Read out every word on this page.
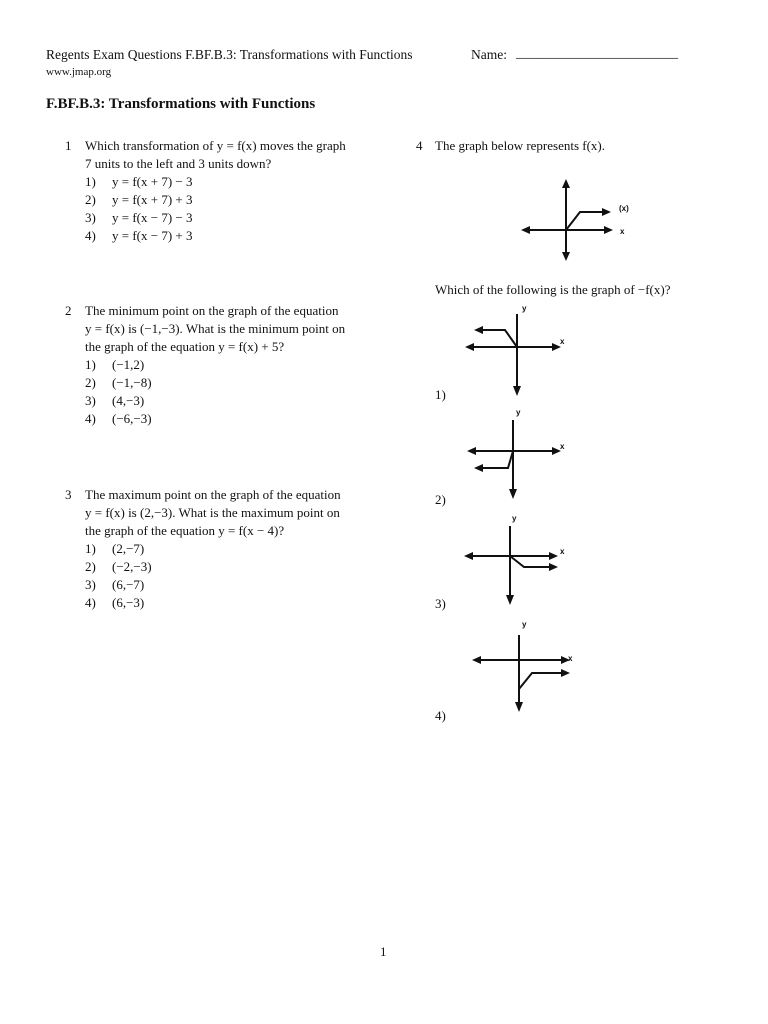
Regents Exam Questions F.BF.B.3: Transformations with Functions	Name: ________________________
www.jmap.org
F.BF.B.3: Transformations with Functions
1 Which transformation of y = f(x) moves the graph
7 units to the left and 3 units down?
1) y = f(x + 7) − 3
2) y = f(x + 7) + 3
3) y = f(x − 7) − 3
4) y = f(x − 7) + 3
2 The minimum point on the graph of the equation
y = f(x) is (−1,−3). What is the minimum point on
the graph of the equation y = f(x) + 5?
1) (−1,2)
2) (−1,−8)
3) (4,−3)
4) (−6,−3)
3 The maximum point on the graph of the equation
y = f(x) is (2,−3). What is the maximum point on
the graph of the equation y = f(x − 4)?
1) (2,−7)
2) (−2,−3)
3) (6,−7)
4) (6,−3)
4 The graph below represents f(x).
(x)
x
Which of the following is the graph of −f(x)?
1)
y
x
2)
y
x
3)
y
x
4)
y
x
1
